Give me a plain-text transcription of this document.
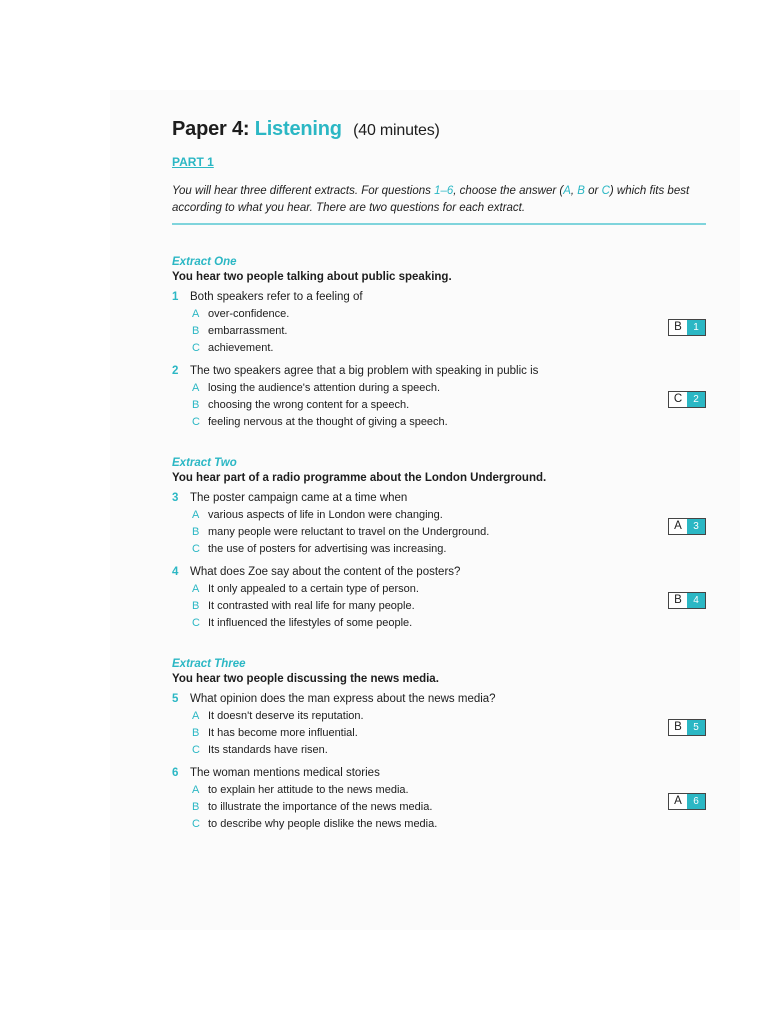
Paper 4: Listening (40 minutes)
PART 1
You will hear three different extracts. For questions 1–6, choose the answer (A, B or C) which fits best according to what you hear. There are two questions for each extract.
Extract One
You hear two people talking about public speaking.
1 Both speakers refer to a feeling of
A over-confidence.
B embarrassment.
C achievement.
B	1
2 The two speakers agree that a big problem with speaking in public is
A losing the audience's attention during a speech.
B choosing the wrong content for a speech.
C feeling nervous at the thought of giving a speech.
C	2
Extract Two
You hear part of a radio programme about the London Underground.
3 The poster campaign came at a time when
A various aspects of life in London were changing.
B many people were reluctant to travel on the Underground.
C the use of posters for advertising was increasing.
A	3
4 What does Zoe say about the content of the posters?
A It only appealed to a certain type of person.
B It contrasted with real life for many people.
C It influenced the lifestyles of some people.
B	4
Extract Three
You hear two people discussing the news media.
5 What opinion does the man express about the news media?
A It doesn't deserve its reputation.
B It has become more influential.
C Its standards have risen.
B	5
6 The woman mentions medical stories
A to explain her attitude to the news media.
B to illustrate the importance of the news media.
C to describe why people dislike the news media.
A	6
